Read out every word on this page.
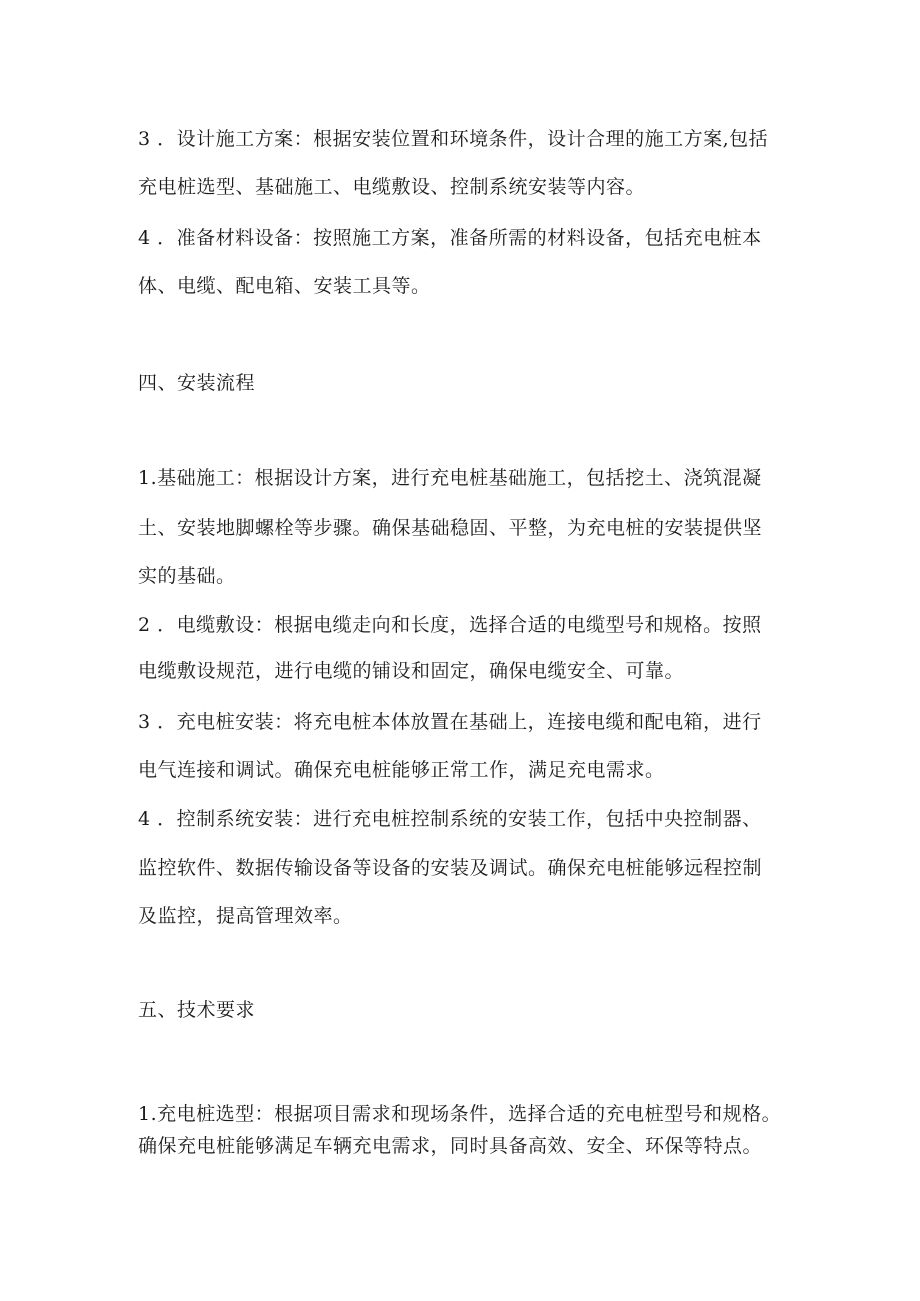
3 ．设计施工方案：根据安装位置和环境条件，设计合理的施工方案,包括
充电桩选型、基础施工、电缆敷设、控制系统安装等内容。
4 ．准备材料设备：按照施工方案，准备所需的材料设备，包括充电桩本
体、电缆、配电箱、安装工具等。
四、安装流程
1.基础施工：根据设计方案，进行充电桩基础施工，包括挖土、浇筑混凝
土、安装地脚螺栓等步骤。确保基础稳固、平整，为充电桩的安装提供坚
实的基础。
2 ．电缆敷设：根据电缆走向和长度，选择合适的电缆型号和规格。按照
电缆敷设规范，进行电缆的铺设和固定，确保电缆安全、可靠。
3 ．充电桩安装：将充电桩本体放置在基础上，连接电缆和配电箱，进行
电气连接和调试。确保充电桩能够正常工作，满足充电需求。
4 ．控制系统安装：进行充电桩控制系统的安装工作，包括中央控制器、
监控软件、数据传输设备等设备的安装及调试。确保充电桩能够远程控制
及监控，提高管理效率。
五、技术要求
1.充电桩选型：根据项目需求和现场条件，选择合适的充电桩型号和规格。
确保充电桩能够满足车辆充电需求，同时具备高效、安全、环保等特点。
